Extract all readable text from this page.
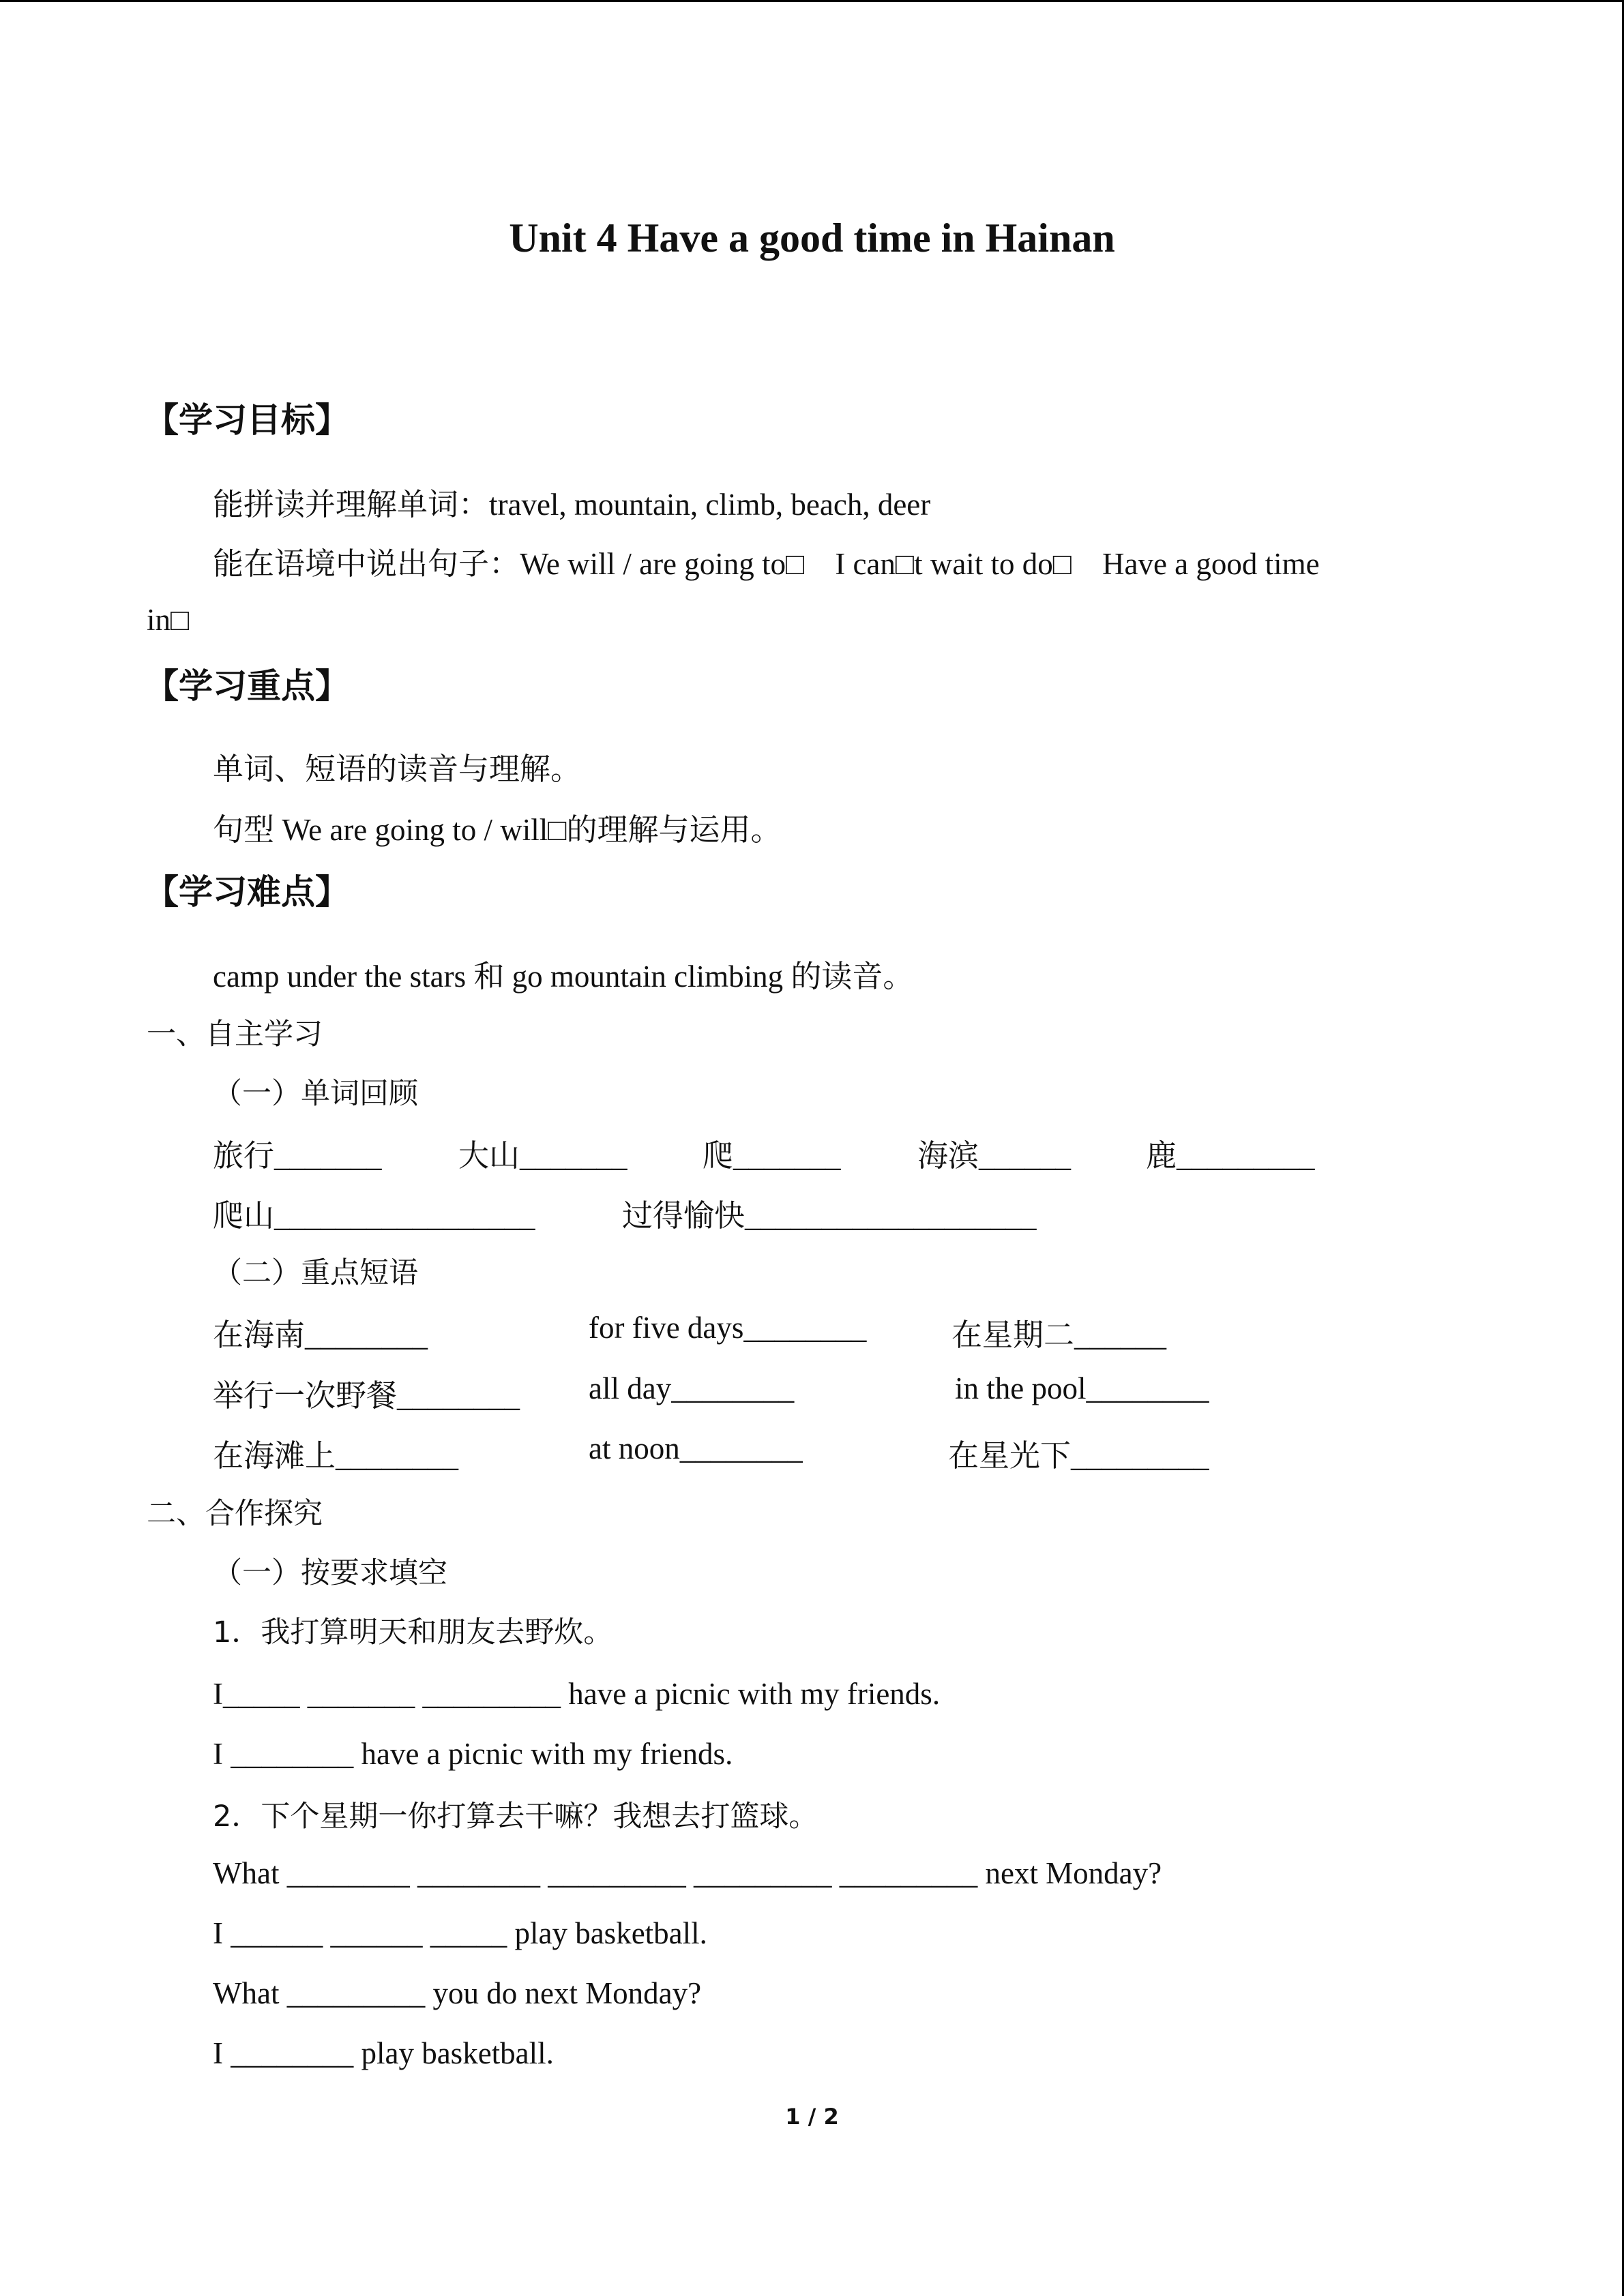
Unit 4 Have a good time in Hainan
【学习目标】
能拼读并理解单词：travel, mountain, climb, beach, deer
能在语境中说出句子：We will / are going to□    I can□t wait to do□    Have a good time
in□
【学习重点】
单词、短语的读音与理解。
句型 We are going to / will□的理解与运用。
【学习难点】
camp under the stars 和 go mountain climbing 的读音。
一、自主学习
（一）单词回顾
旅行_______ 大山_______ 爬_______ 海滨______ 鹿_________
爬山_________________	过得愉快___________________
（二）重点短语
在海南________	for five days________	在星期二______
举行一次野餐________ all day________	in the pool________
在海滩上________	at noon________	在星光下_________
二、合作探究
（一）按要求填空
1．我打算明天和朋友去野炊。
I_____ _______ _________ have a picnic with my friends.
I ________ have a picnic with my friends.
2．下个星期一你打算去干嘛？我想去打篮球。
What ________ ________ _________ _________ _________ next Monday?
I ______ ______ _____ play basketball.
What _________ you do next Monday?
I ________ play basketball.
1 / 2
